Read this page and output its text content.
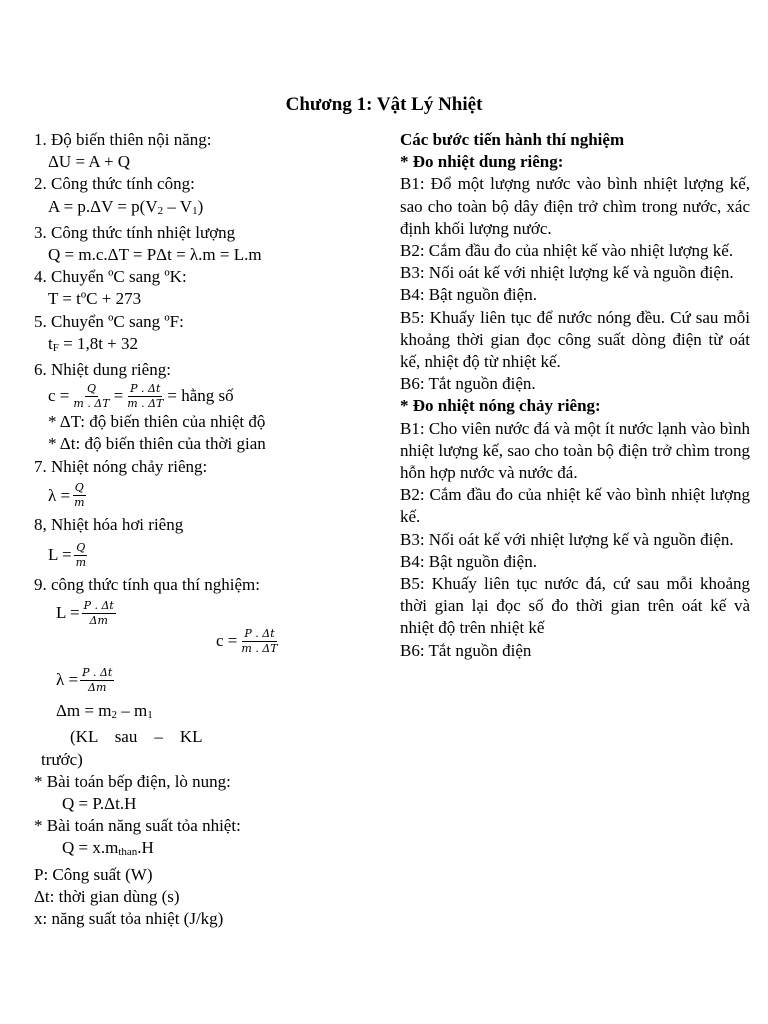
Chương 1: Vật Lý Nhiệt
1. Độ biến thiên nội năng:
ΔU = A + Q
2. Công thức tính công:
A = p.ΔV = p(V2 – V1)
3. Công thức tính nhiệt lượng
Q = m.c.ΔT = PΔt = λ.m = L.m
4. Chuyển ºC sang ºK:
T = tºC + 273
5. Chuyển ºC sang ºF:
tF = 1,8t + 32
6. Nhiệt dung riêng:
$c = \frac{Q}{m . \Delta T} = \frac{P . \Delta t}{m . \Delta T}$ = hằng số
* ΔT: độ biến thiên của nhiệt độ
* Δt: độ biến thiên của thời gian
7. Nhiệt nóng chảy riêng:
$\lambda = \frac{Q}{m}$
8, Nhiệt hóa hơi riêng
$L = \frac{Q}{m}$
9. công thức tính qua thí nghiệm:
$L = \frac{P . \Delta t}{\Delta m}$
$c = \frac{P . \Delta t}{m . \Delta T}$
$\lambda = \frac{P . \Delta t}{\Delta m}$
Δm = m2 – m1
(KL    sau    –    KL
trước)
* Bài toán bếp điện, lò nung:
Q = P.Δt.H
* Bài toán năng suất tỏa nhiệt:
Q = x.mthan.H
P: Công suất (W)
Δt: thời gian dùng (s)
x: năng suất tỏa nhiệt (J/kg)
Các bước tiến hành thí nghiệm
* Đo nhiệt dung riêng:

B1: Đổ một lượng nước vào bình nhiệt lượng kế, sao cho toàn bộ dây điện trở chìm trong nước, xác định khối lượng nước.

B2: Cắm đầu đo của nhiệt kế vào nhiệt lượng kế.

B3: Nối oát kế với nhiệt lượng kế và nguồn điện.

B4: Bật nguồn điện.

B5: Khuấy liên tục để nước nóng đều. Cứ sau mỗi khoảng thời gian đọc công suất dòng điện từ oát kế, nhiệt độ từ nhiệt kế.

B6: Tắt nguồn điện.

* Đo nhiệt nóng chảy riêng:

B1: Cho viên nước đá và một ít nước lạnh vào bình nhiệt lượng kế, sao cho toàn bộ điện trở chìm trong hỗn hợp nước và nước đá.

B2: Cắm đầu đo của nhiệt kế vào bình nhiệt lượng kế.

B3: Nối oát kế với nhiệt lượng kế và nguồn điện.

B4: Bật nguồn điện.

B5: Khuấy liên tục nước đá, cứ sau mỗi khoảng thời gian lại đọc số đo thời gian trên oát kế và nhiệt độ trên nhiệt kế

B6: Tắt nguồn điện
